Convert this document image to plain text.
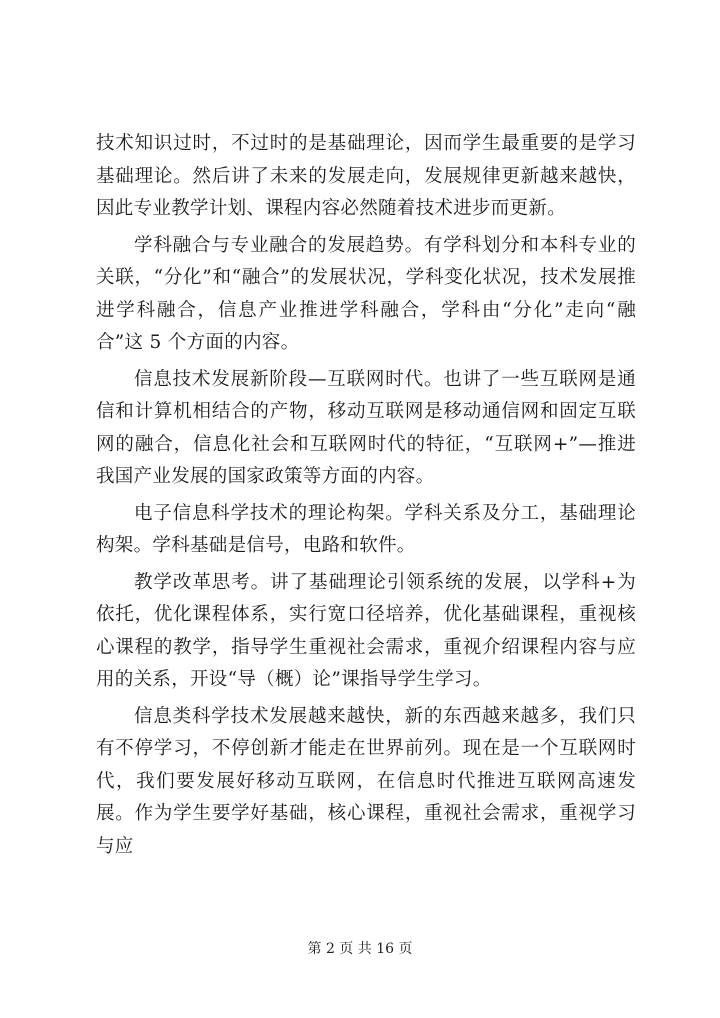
技术知识过时，不过时的是基础理论，因而学生最重要的是学习基础理论。然后讲了未来的发展走向，发展规律更新越来越快，因此专业教学计划、课程内容必然随着技术进步而更新。

学科融合与专业融合的发展趋势。有学科划分和本科专业的关联，“分化”和“融合”的发展状况，学科变化状况，技术发展推进学科融合，信息产业推进学科融合，学科由“分化”走向“融合”这 5 个方面的内容。

信息技术发展新阶段—互联网时代。也讲了一些互联网是通信和计算机相结合的产物，移动互联网是移动通信网和固定互联网的融合，信息化社会和互联网时代的特征，“互联网+”—推进我国产业发展的国家政策等方面的内容。

电子信息科学技术的理论构架。学科关系及分工，基础理论构架。学科基础是信号，电路和软件。

教学改革思考。讲了基础理论引领系统的发展，以学科+为依托，优化课程体系，实行宽口径培养，优化基础课程，重视核心课程的教学，指导学生重视社会需求，重视介绍课程内容与应用的关系，开设“导（概）论”课指导学生学习。

信息类科学技术发展越来越快，新的东西越来越多，我们只有不停学习，不停创新才能走在世界前列。现在是一个互联网时代，我们要发展好移动互联网，在信息时代推进互联网高速发展。作为学生要学好基础，核心课程，重视社会需求，重视学习与应

第 2 页 共 16 页
